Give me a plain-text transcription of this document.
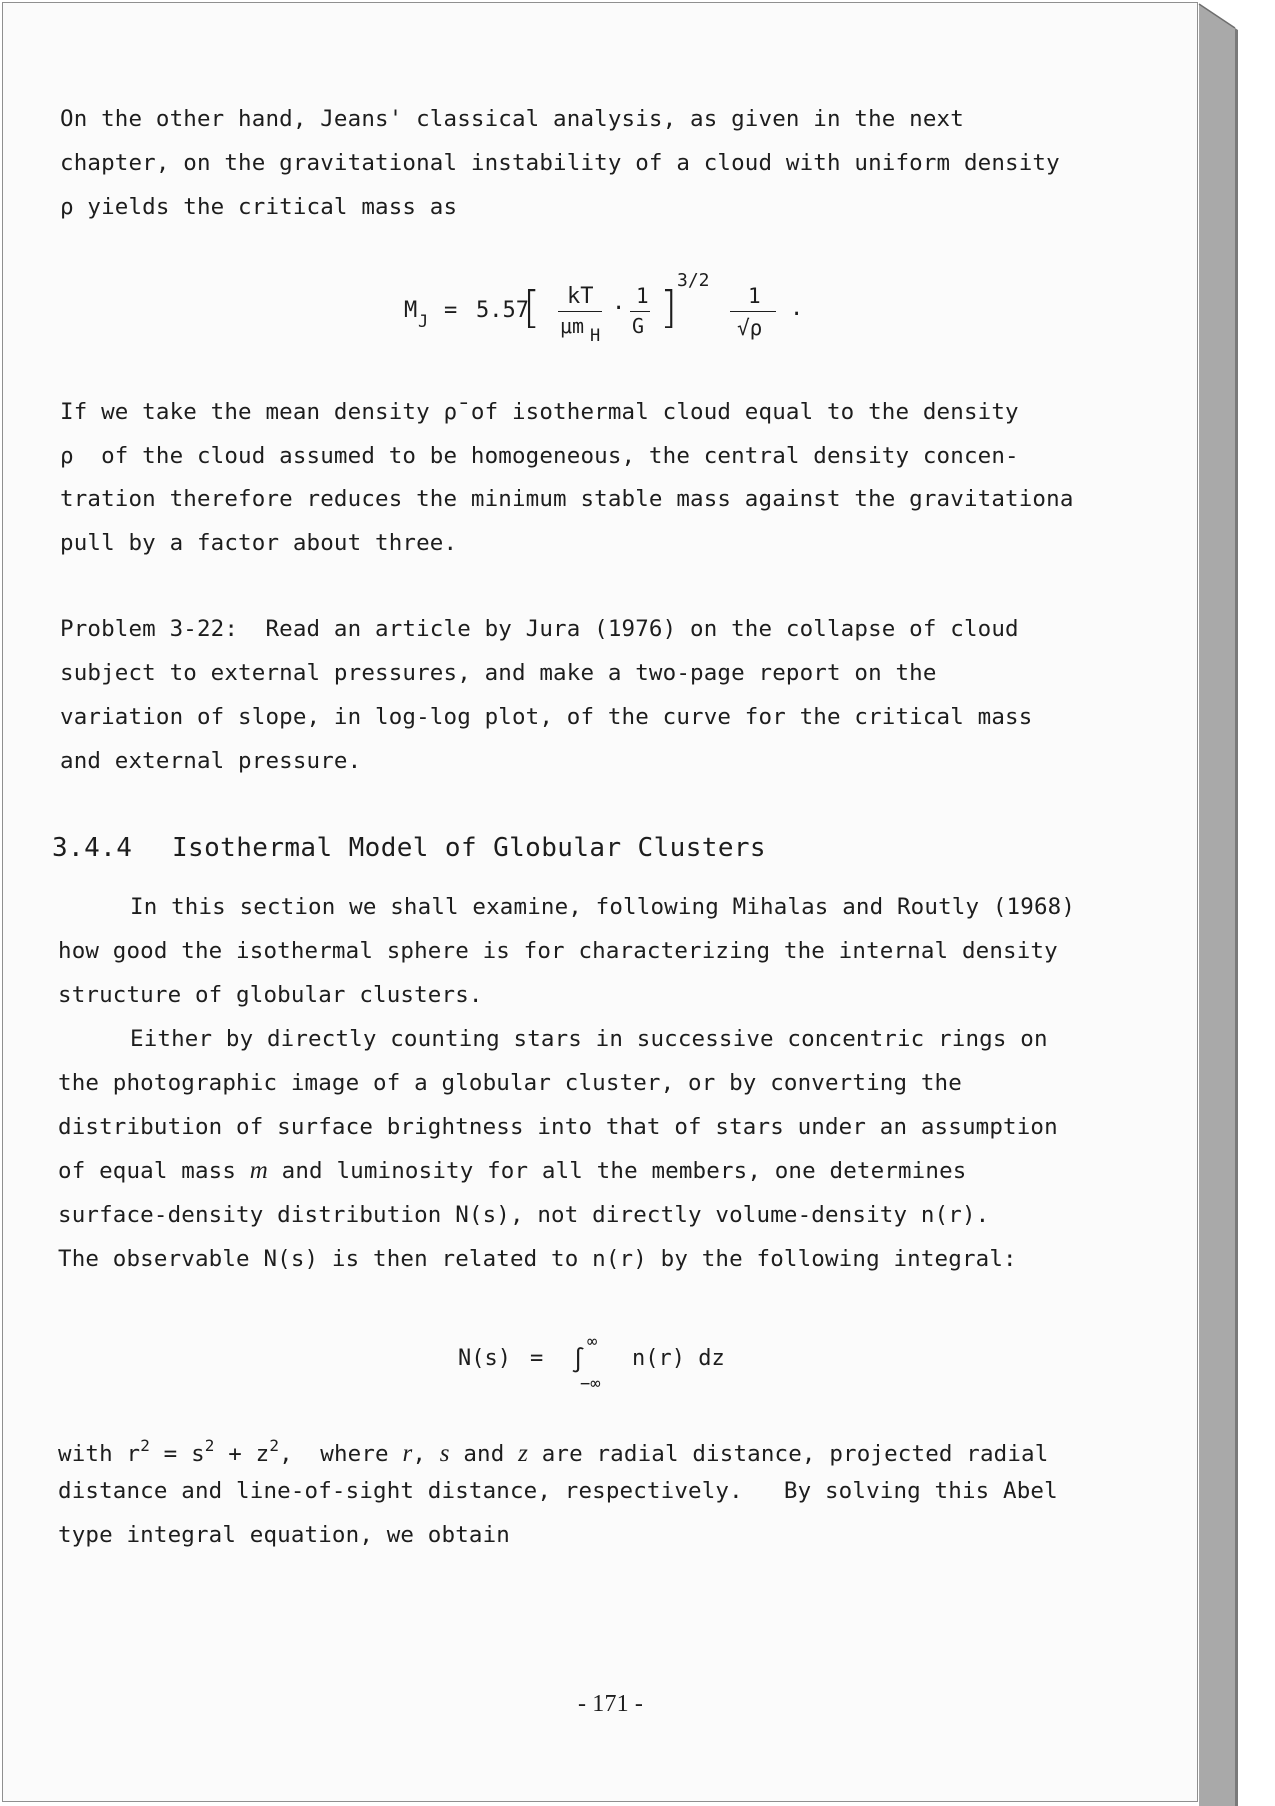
On the other hand, Jeans' classical analysis, as given in the next
chapter, on the gravitational instability of a cloud with uniform density
ρ yields the critical mass as
M J = 5.57
[ kT
μm H
· 1
G ]
3/2
1
√ρ
.
If we take the mean density ρ̄ of isothermal cloud equal to the density
ρ  of the cloud assumed to be homogeneous, the central density concen-
tration therefore reduces the minimum stable mass against the gravitationa
pull by a factor about three.
Problem 3-22:  Read an article by Jura (1976) on the collapse of cloud
subject to external pressures, and make a two-page report on the
variation of slope, in log-log plot, of the curve for the critical mass
and external pressure.
3.4.4 Isothermal Model of Globular Clusters
In this section we shall examine, following Mihalas and Routly (1968)
how good the isothermal sphere is for characterizing the internal density
structure of globular clusters.
Either by directly counting stars in successive concentric rings on
the photographic image of a globular cluster, or by converting the
distribution of surface brightness into that of stars under an assumption
of equal mass m and luminosity for all the members, one determines
surface-density distribution N(s), not directly volume-density n(r).
The observable N(s) is then related to n(r) by the following integral:
N(s) = ∫
∞
−∞
n(r) dz
with $r^2 = s^2 + z^2$,  where r, s and z are radial distance, projected radial
distance and line-of-sight distance, respectively.   By solving this Abel
type integral equation, we obtain
- 171 -
